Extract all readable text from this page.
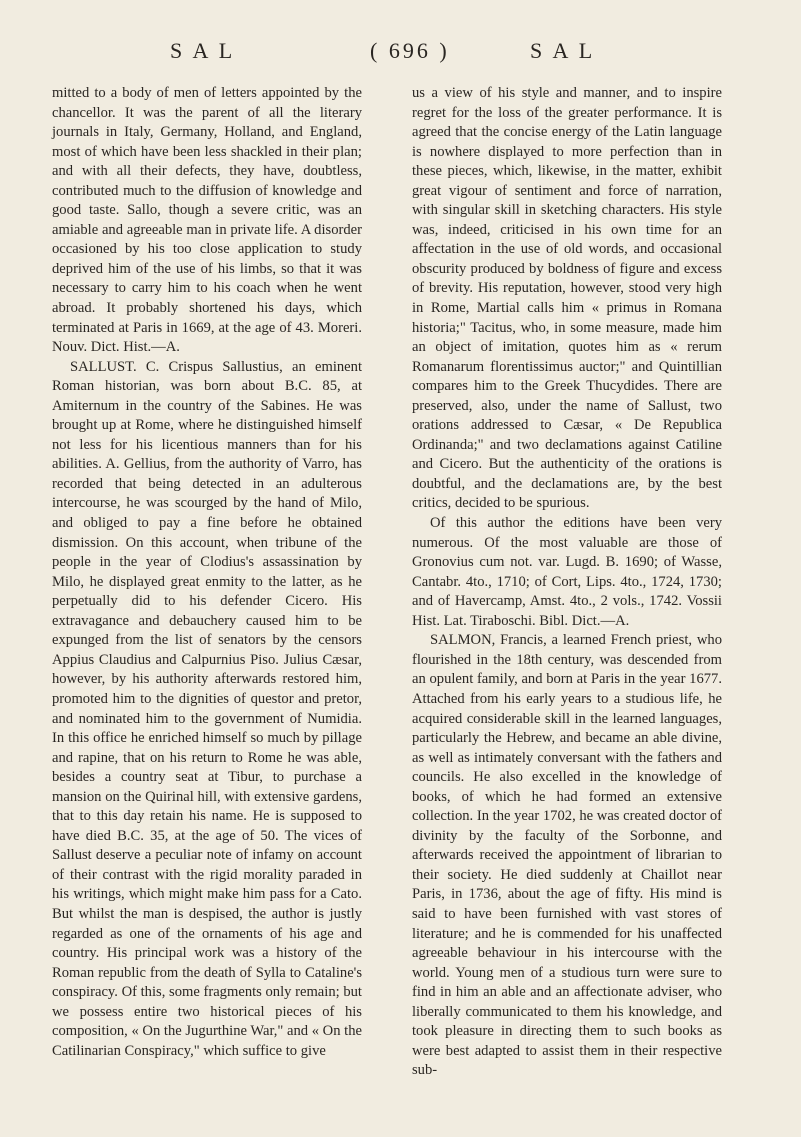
S A L	( 696 )	S A L

mitted to a body of men of letters appointed by the chancellor. It was the parent of all the literary journals in Italy, Germany, Holland, and England, most of which have been less shackled in their plan; and with all their defects, they have, doubtless, contributed much to the diffusion of knowledge and good taste. Sallo, though a severe critic, was an amiable and agreeable man in private life. A disorder occasioned by his too close application to study deprived him of the use of his limbs, so that it was necessary to carry him to his coach when he went abroad. It probably shortened his days, which terminated at Paris in 1669, at the age of 43. Moreri. Nouv. Dict. Hist.—A.

SALLUST. C. Crispus Sallustius, an eminent Roman historian, was born about B.C. 85, at Amiternum in the country of the Sabines. He was brought up at Rome, where he distinguished himself not less for his licentious manners than for his abilities. A. Gellius, from the authority of Varro, has recorded that being detected in an adulterous intercourse, he was scourged by the hand of Milo, and obliged to pay a fine before he obtained dismission. On this account, when tribune of the people in the year of Clodius's assassination by Milo, he displayed great enmity to the latter, as he perpetually did to his defender Cicero. His extravagance and debauchery caused him to be expunged from the list of senators by the censors Appius Claudius and Calpurnius Piso. Julius Cæsar, however, by his authority afterwards restored him, promoted him to the dignities of questor and pretor, and nominated him to the government of Numidia. In this office he enriched himself so much by pillage and rapine, that on his return to Rome he was able, besides a country seat at Tibur, to purchase a mansion on the Quirinal hill, with extensive gardens, that to this day retain his name. He is supposed to have died B.C. 35, at the age of 50. The vices of Sallust deserve a peculiar note of infamy on account of their contrast with the rigid morality paraded in his writings, which might make him pass for a Cato. But whilst the man is despised, the author is justly regarded as one of the ornaments of his age and country. His principal work was a history of the Roman republic from the death of Sylla to Cataline's conspiracy. Of this, some fragments only remain; but we possess entire two historical pieces of his composition, « On the Jugurthine War," and « On the Catilinarian Conspiracy," which suffice to give

us a view of his style and manner, and to inspire regret for the loss of the greater performance. It is agreed that the concise energy of the Latin language is nowhere displayed to more perfection than in these pieces, which, likewise, in the matter, exhibit great vigour of sentiment and force of narration, with singular skill in sketching characters. His style was, indeed, criticised in his own time for an affectation in the use of old words, and occasional obscurity produced by boldness of figure and excess of brevity. His reputation, however, stood very high in Rome, Martial calls him « primus in Romana historia;" Tacitus, who, in some measure, made him an object of imitation, quotes him as « rerum Romanarum florentissimus auctor;" and Quintillian compares him to the Greek Thucydides. There are preserved, also, under the name of Sallust, two orations addressed to Cæsar, « De Republica Ordinanda;" and two declamations against Catiline and Cicero. But the authenticity of the orations is doubtful, and the declamations are, by the best critics, decided to be spurious.

Of this author the editions have been very numerous. Of the most valuable are those of Gronovius cum not. var. Lugd. B. 1690; of Wasse, Cantabr. 4to., 1710; of Cort, Lips. 4to., 1724, 1730; and of Havercamp, Amst. 4to., 2 vols., 1742. Vossii Hist. Lat. Tiraboschi. Bibl. Dict.—A.

SALMON, Francis, a learned French priest, who flourished in the 18th century, was descended from an opulent family, and born at Paris in the year 1677. Attached from his early years to a studious life, he acquired considerable skill in the learned languages, particularly the Hebrew, and became an able divine, as well as intimately conversant with the fathers and councils. He also excelled in the knowledge of books, of which he had formed an extensive collection. In the year 1702, he was created doctor of divinity by the faculty of the Sorbonne, and afterwards received the appointment of librarian to their society. He died suddenly at Chaillot near Paris, in 1736, about the age of fifty. His mind is said to have been furnished with vast stores of literature; and he is commended for his unaffected agreeable behaviour in his intercourse with the world. Young men of a studious turn were sure to find in him an able and an affectionate adviser, who liberally communicated to them his knowledge, and took pleasure in directing them to such books as were best adapted to assist them in their respective sub-
